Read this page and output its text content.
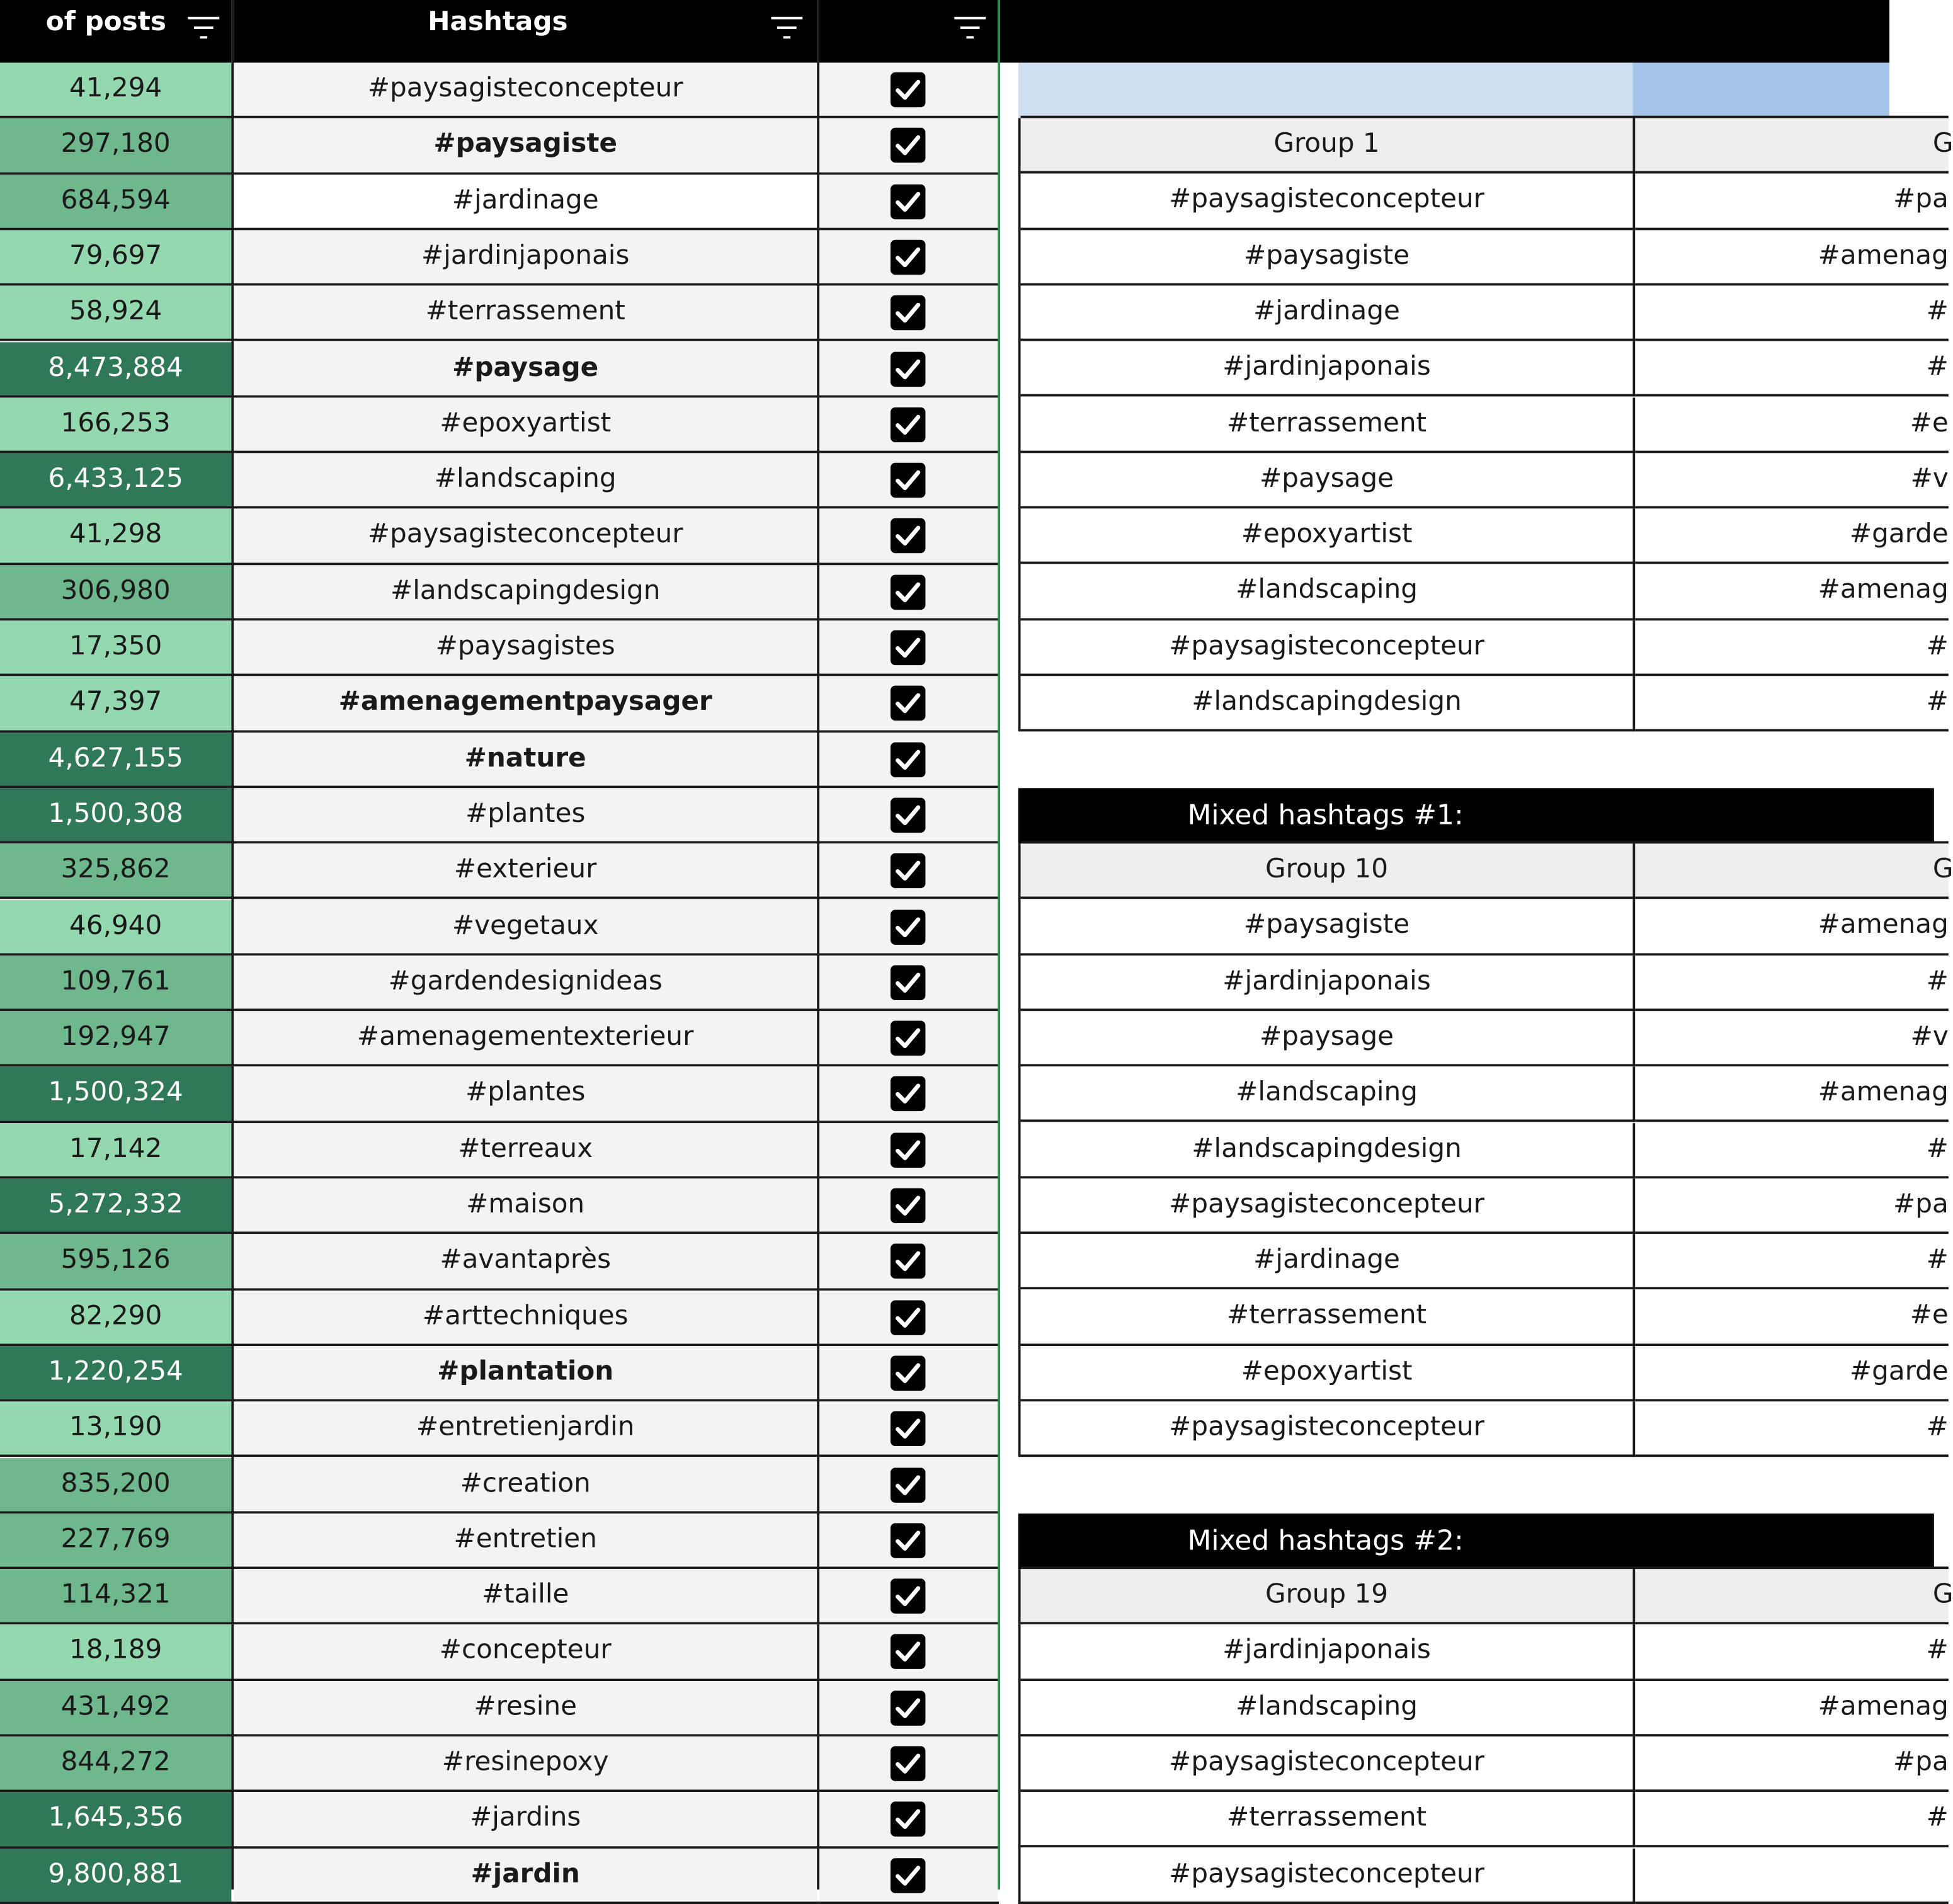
of posts	Hashtags
41,294	#paysagisteconcepteur
297,180	#paysagiste
684,594	#jardinage
79,697	#jardinjaponais
58,924	#terrassement
8,473,884	#paysage
166,253	#epoxyartist
6,433,125	#landscaping
41,298	#paysagisteconcepteur
306,980	#landscapingdesign
17,350	#paysagistes
47,397	#amenagementpaysager
4,627,155	#nature
1,500,308	#plantes
325,862	#exterieur
46,940	#vegetaux
109,761	#gardendesignideas
192,947	#amenagementexterieur
1,500,324	#plantes
17,142	#terreaux
5,272,332	#maison
595,126	#avantaprès
82,290	#arttechniques
1,220,254	#plantation
13,190	#entretienjardin
835,200	#creation
227,769	#entretien
114,321	#taille
18,189	#concepteur
431,492	#resine
844,272	#resinepoxy
1,645,356	#jardins
9,800,881	#jardin
Group 1	G
#paysagisteconcepteur	#pa
#paysagiste	#amenag
#jardinage	#
#jardinjaponais	#
#terrassement	#e
#paysage	#v
#epoxyartist	#garde
#landscaping	#amenag
#paysagisteconcepteur	#
#landscapingdesign	#
Mixed hashtags #1:
Group 10	G
#paysagiste	#amenag
#jardinjaponais	#
#paysage	#v
#landscaping	#amenag
#landscapingdesign	#
#paysagisteconcepteur	#pa
#jardinage	#
#terrassement	#e
#epoxyartist	#garde
#paysagisteconcepteur	#
Mixed hashtags #2:
Group 19	G
#jardinjaponais	#
#landscaping	#amenag
#paysagisteconcepteur	#pa
#terrassement	#
#paysagisteconcepteur
